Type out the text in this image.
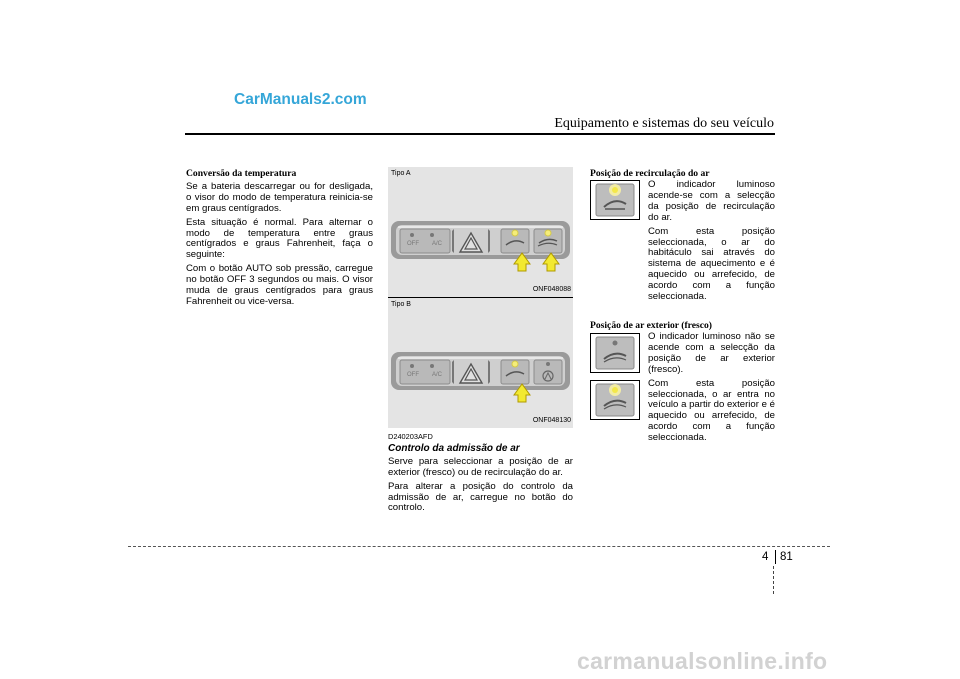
CarManuals2.com
Equipamento e sistemas do seu veículo
Conversão da temperatura

Se a bateria descarregar ou for desligada, o visor do modo de temperatura reinicia-se em graus centígrados.

Esta situação é normal. Para alternar o modo de temperatura entre graus centígrados e graus Fahrenheit, faça o seguinte:

Com o botão AUTO sob pressão, carregue no botão OFF 3 segundos ou mais. O visor muda de graus centígrados para graus Fahrenheit ou vice-versa.

Tipo A
OFF A/C
ONF048088
Tipo B
OFF A/C
ONF048130
D240203AFD
Controlo da admissão de ar

Serve para seleccionar a posição de ar exterior (fresco) ou de recirculação do ar.

Para alterar a posição do controlo da admissão de ar, carregue no botão do controlo.

Posição de recirculação do ar

O indicador luminoso acende-se com a selecção da posição de recirculação do ar.

Com esta posição seleccionada, o ar do habitáculo sai através do sistema de aquecimento e é aquecido ou arrefecido, de acordo com a função seleccionada.

Posição de ar exterior (fresco)

O indicador luminoso não se acende com a selecção da posição de ar exterior (fresco).

Com esta posição seleccionada, o ar entra no veículo a partir do exterior e é aquecido ou arrefecido, de acordo com a função seleccionada.

4 81
carmanualsonline.info
